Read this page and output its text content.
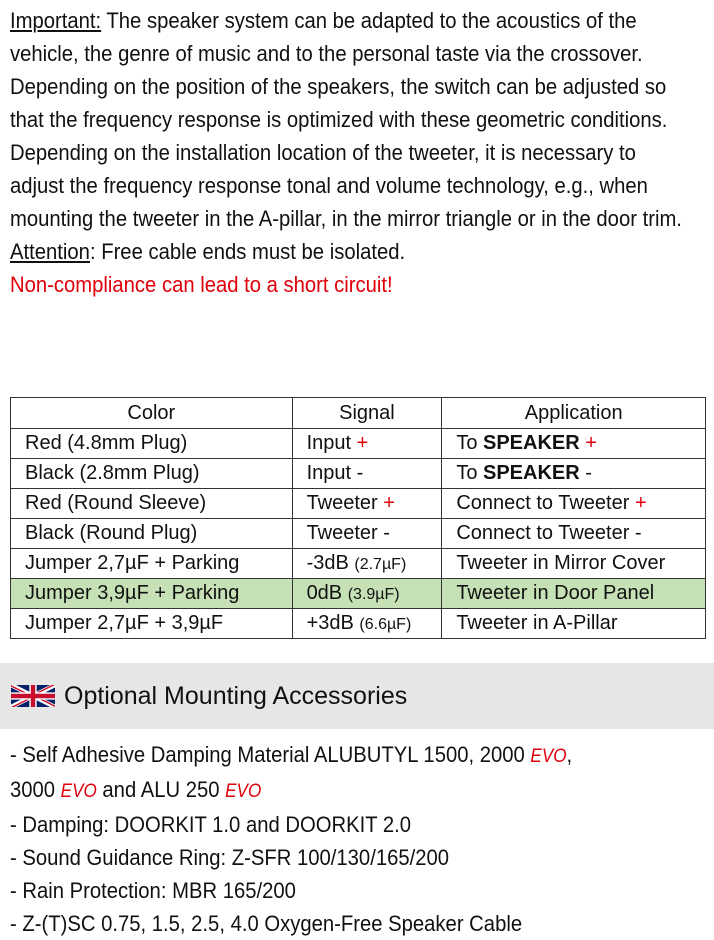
Important: The speaker system can be adapted to the acoustics of the vehicle, the genre of music and to the personal taste via the crossover. Depending on the position of the speakers, the switch can be adjusted so that the frequency response is optimized with these geometric conditions. Depending on the installation location of the tweeter, it is necessary to adjust the frequency response tonal and volume technology, e.g., when mounting the tweeter in the A-pillar, in the mirror triangle or in the door trim.
Attention: Free cable ends must be isolated.
Non-compliance can lead to a short circuit!
Color	Signal	Application
Red (4.8mm Plug)	Input +	To SPEAKER +
Black (2.8mm Plug)	Input -	To SPEAKER -
Red (Round Sleeve)	Tweeter +	Connect to Tweeter +
Black (Round Plug)	Tweeter -	Connect to Tweeter -
Jumper 2,7µF + Parking	-3dB (2.7µF)	Tweeter in Mirror Cover
Jumper 3,9µF + Parking	0dB (3.9µF)	Tweeter in Door Panel
Jumper 2,7µF + 3,9µF	+3dB (6.6µF)	Tweeter in A-Pillar
Optional Mounting Accessories
- Self Adhesive Damping Material ALUBUTYL 1500, 2000 EVO,
3000 EVO and ALU 250 EVO
- Damping: DOORKIT 1.0 and DOORKIT 2.0
- Sound Guidance Ring: Z-SFR 100/130/165/200
- Rain Protection: MBR 165/200
- Z-(T)SC 0.75, 1.5, 2.5, 4.0 Oxygen-Free Speaker Cable
